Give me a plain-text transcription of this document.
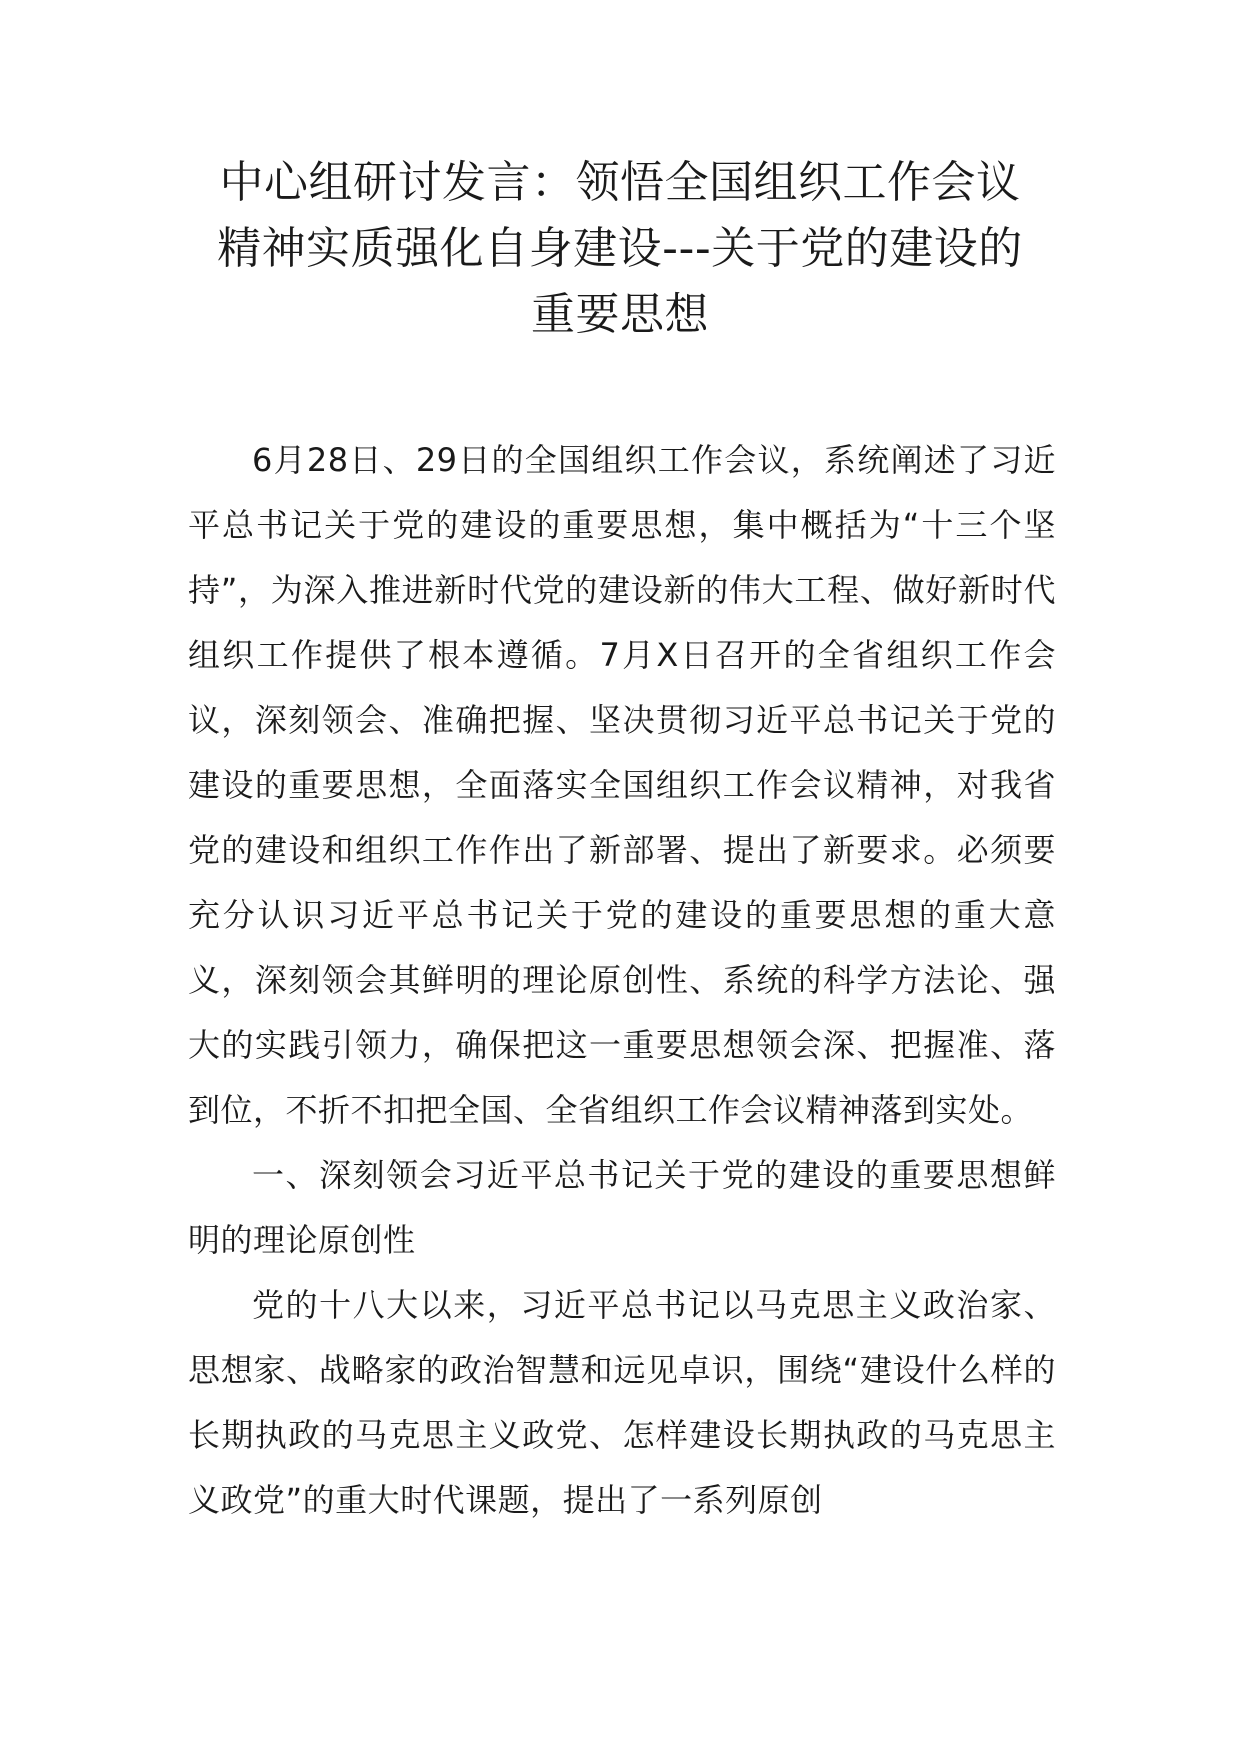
中心组研讨发言：领悟全国组织工作会议
精神实质强化自身建设---关于党的建设的
重要思想

6月28日、29日的全国组织工作会议，系统阐述了习近平总书记关于党的建设的重要思想，集中概括为“十三个坚持”，为深入推进新时代党的建设新的伟大工程、做好新时代组织工作提供了根本遵循。7月X日召开的全省组织工作会议，深刻领会、准确把握、坚决贯彻习近平总书记关于党的建设的重要思想，全面落实全国组织工作会议精神，对我省党的建设和组织工作作出了新部署、提出了新要求。必须要充分认识习近平总书记关于党的建设的重要思想的重大意义，深刻领会其鲜明的理论原创性、系统的科学方法论、强大的实践引领力，确保把这一重要思想领会深、把握准、落到位，不折不扣把全国、全省组织工作会议精神落到实处。

一、深刻领会习近平总书记关于党的建设的重要思想鲜明的理论原创性

党的十八大以来，习近平总书记以马克思主义政治家、思想家、战略家的政治智慧和远见卓识，围绕“建设什么样的长期执政的马克思主义政党、怎样建设长期执政的马克思主义政党”的重大时代课题，提出了一系列原创
